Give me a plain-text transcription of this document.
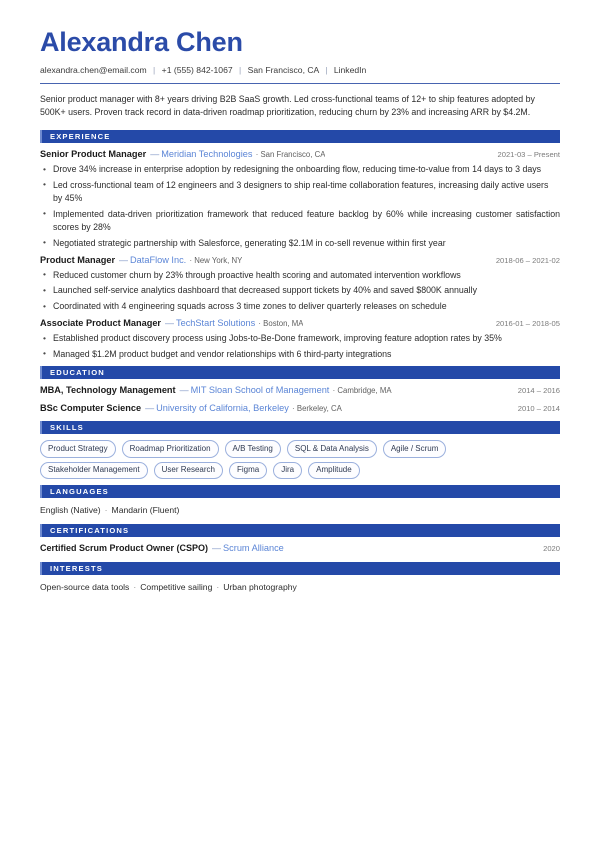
Alexandra Chen
alexandra.chen@email.com | +1 (555) 842-1067 | San Francisco, CA | LinkedIn
Senior product manager with 8+ years driving B2B SaaS growth. Led cross-functional teams of 12+ to ship features adopted by 500K+ users. Proven track record in data-driven roadmap prioritization, reducing churn by 23% and increasing ARR by $4.2M.
EXPERIENCE
Senior Product Manager — Meridian Technologies · San Francisco, CA	2021-03 – Present
• Drove 34% increase in enterprise adoption by redesigning the onboarding flow, reducing time-to-value from 14 days to 3 days
• Led cross-functional team of 12 engineers and 3 designers to ship real-time collaboration features, increasing daily active users by 45%
• Implemented data-driven prioritization framework that reduced feature backlog by 60% while increasing customer satisfaction scores by 28%
• Negotiated strategic partnership with Salesforce, generating $2.1M in co-sell revenue within first year
Product Manager — DataFlow Inc. · New York, NY	2018-06 – 2021-02
• Reduced customer churn by 23% through proactive health scoring and automated intervention workflows
• Launched self-service analytics dashboard that decreased support tickets by 40% and saved $800K annually
• Coordinated with 4 engineering squads across 3 time zones to deliver quarterly releases on schedule
Associate Product Manager — TechStart Solutions · Boston, MA	2016-01 – 2018-05
• Established product discovery process using Jobs-to-Be-Done framework, improving feature adoption rates by 35%
• Managed $1.2M product budget and vendor relationships with 6 third-party integrations
EDUCATION
MBA, Technology Management — MIT Sloan School of Management · Cambridge, MA	2014 – 2016
BSc Computer Science — University of California, Berkeley · Berkeley, CA	2010 – 2014
SKILLS
Product Strategy	Roadmap Prioritization	A/B Testing	SQL & Data Analysis	Agile / Scrum
Stakeholder Management	User Research	Figma	Jira	Amplitude
LANGUAGES
English (Native) · Mandarin (Fluent)
CERTIFICATIONS
Certified Scrum Product Owner (CSPO) — Scrum Alliance	2020
INTERESTS
Open-source data tools · Competitive sailing · Urban photography
